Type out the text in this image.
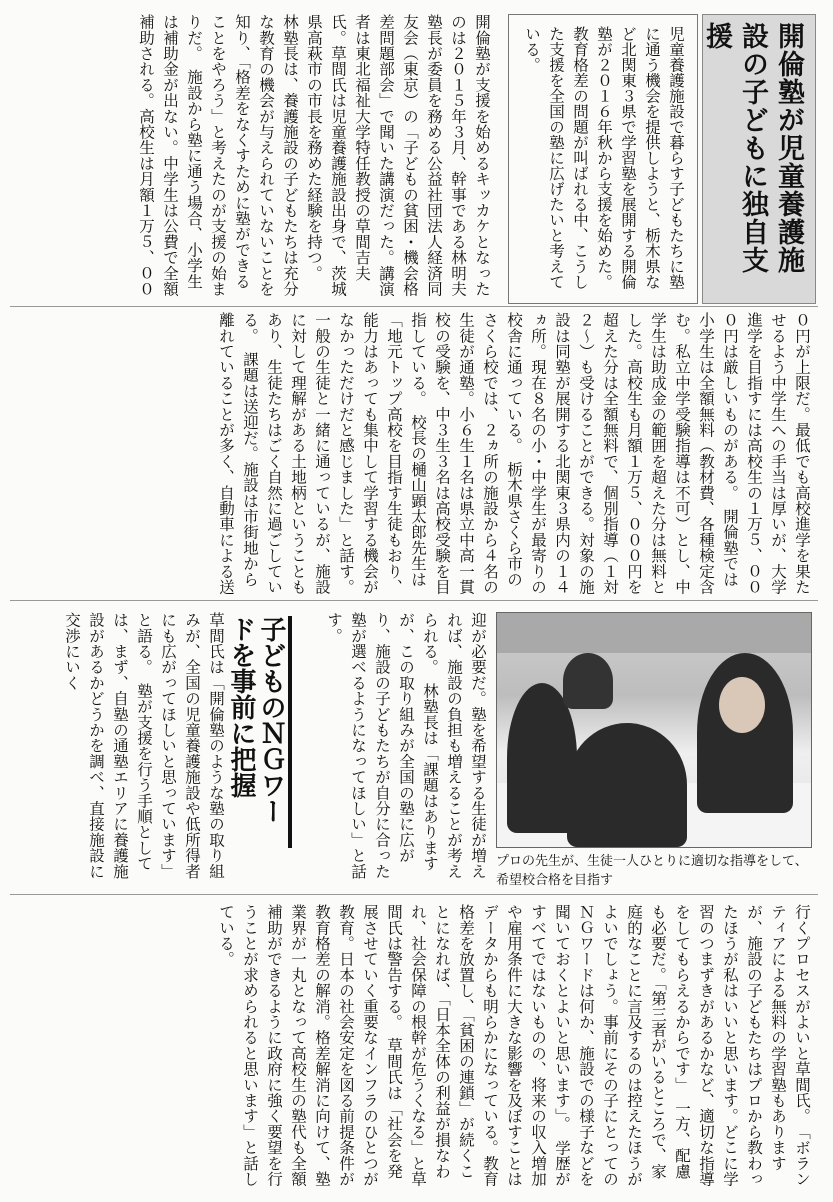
開倫塾が児童養護施設の子どもに独自支援

児童養護施設で暮らす子どもたちに塾に通う機会を提供しようと、栃木県など北関東３県で学習塾を展開する開倫塾が２０１６年秋から支援を始めた。教育格差の問題が叫ばれる中、こうした支援を全国の塾に広げたいと考えている。

開倫塾が支援を始めるキッカケとなったのは２０１５年３月、幹事である林明夫塾長が委員を務める公益社団法人経済同友会（東京）の「子どもの貧困・機会格差問題部会」で聞いた講演だった。講演者は東北福祉大学特任教授の草間吉夫氏。草間氏は児童養護施設出身で、茨城県高萩市の市長を務めた経験を持つ。　林塾長は、養護施設の子どもたちは充分な教育の機会が与えられていないことを知り、「格差をなくすために塾ができることをやろう」と考えたのが支援の始まりだ。　施設から塾に通う場合、小学生は補助金が出ない。中学生は公費で全額補助される。高校生は月額１万５、００

０円が上限だ。最低でも高校進学を果たせるよう中学生への手当は厚いが、大学進学を目指すには高校生の１万５、０００円は厳しいものがある。　開倫塾では小学生は全額無料（教材費、各種検定含む。私立中学受験指導は不可）とし、中学生は助成金の範囲を超えた分は無料とした。高校生も月額１万５、０００円を超えた分は全額無料で、個別指導（１対２～）も受けることができる。対象の施設は同塾が展開する北関東３県内の１４ヵ所。現在８名の小・中学生が最寄りの校舎に通っている。　栃木県さくら市のさくら校では、２ヵ所の施設から４名の生徒が通塾。小６生１名は県立中高一貫校の受験を、中３生３名は高校受験を目指している。　校長の樋山顕太郎先生は「地元トップ高校を目指す生徒もおり、能力はあっても集中して学習する機会がなかっただけだと感じました」と話す。一般の生徒と一緒に通っているが、施設に対して理解がある土地柄ということもあり、生徒たちはごく自然に過ごしている。　課題は送迎だ。施設は市街地から離れていることが多く、自動車による送

迎が必要だ。塾を希望する生徒が増えれば、施設の負担も増えることが考えられる。　林塾長は「課題はありますが、この取り組みが全国の塾に広がり、施設の子どもたちが自分に合った塾が選べるようになってほしい」と話す。

子どものＮＧワードを事前に把握

草間氏は「開倫塾のような塾の取り組みが、全国の児童養護施設や低所得者にも広がってほしいと思っています」と語る。　塾が支援を行う手順としては、まず、自塾の通塾エリアに養護施設があるかどうかを調べ、直接施設に交渉にいく

プロの先生が、生徒一人ひとりに適切な指導をして、希望校合格を目指す

行くプロセスがよいと草間氏。　「ボランティアによる無料の学習塾もありますが、施設の子どもたちはプロから教わったほうが私はいいと思います。どこに学習のつまずきがあるかなど、適切な指導をしてもらえるからです」　一方、配慮も必要だ。「第三者がいるところで、家庭的なことに言及するのは控えたほうがよいでしょう。事前にその子にとってのＮＧワードは何か、施設での様子などを聞いておくとよいと思います」。　学歴がすべてではないものの、将来の収入増加や雇用条件に大きな影響を及ぼすことはデータからも明らかになっている。教育格差を放置し、「貧困の連鎖」が続くことになれば、「日本全体の利益が損なわれ、社会保障の根幹が危うくなる」と草間氏は警告する。　草間氏は「社会を発展させていく重要なインフラのひとつが教育。日本の社会安定を図る前提条件が教育格差の解消。格差解消に向けて、塾業界が一丸となって高校生の塾代も全額補助ができるように政府に強く要望を行うことが求められると思います」と話している。
